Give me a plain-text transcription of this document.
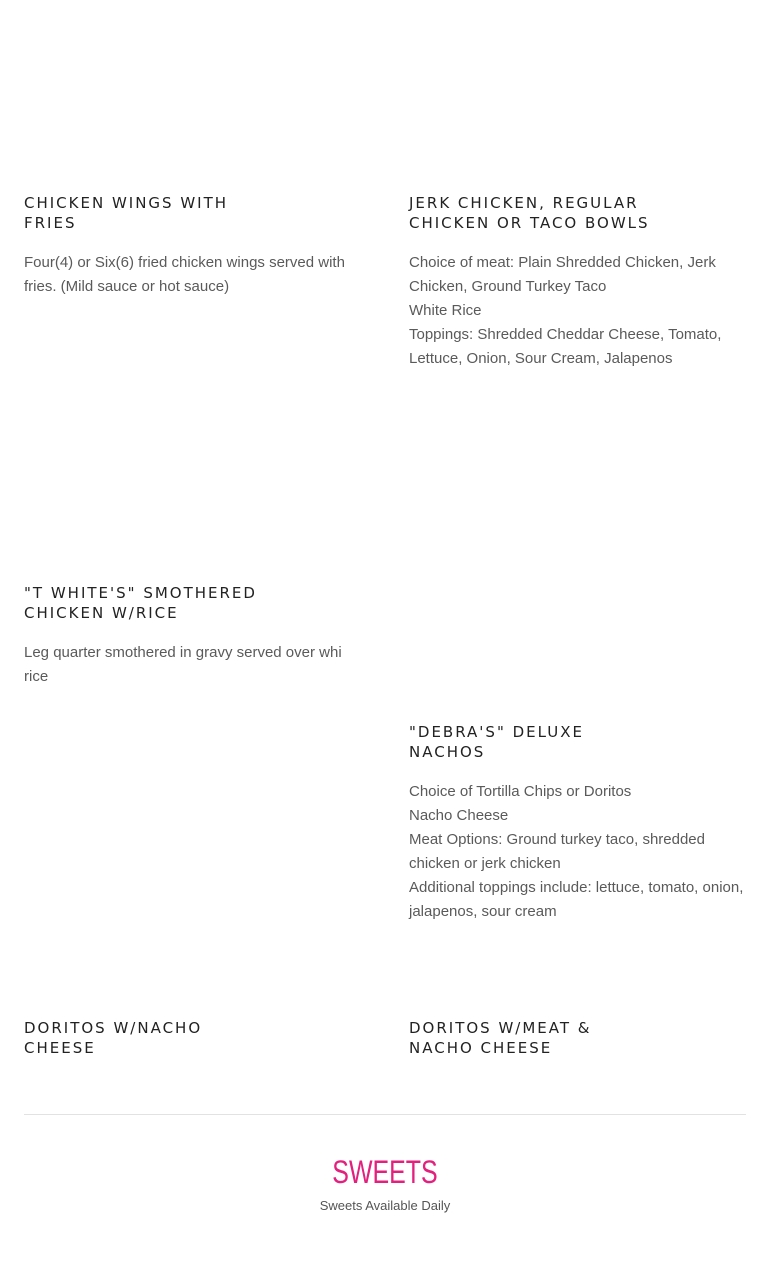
CHICKEN WINGS WITH
FRIES

Four(4) or Six(6) fried chicken wings served with fries. (Mild sauce or hot sauce)

JERK CHICKEN, REGULAR
CHICKEN OR TACO BOWLS

Choice of meat: Plain Shredded Chicken, Jerk Chicken, Ground Turkey Taco
White Rice
Toppings: Shredded Cheddar Cheese, Tomato, Lettuce, Onion, Sour Cream, Jalapenos

"T WHITE'S" SMOTHERED
CHICKEN W/RICE

Leg quarter smothered in gravy served over whi rice

"DEBRA'S" DELUXE
NACHOS

Choice of Tortilla Chips or Doritos
Nacho Cheese
Meat Options: Ground turkey taco, shredded chicken or jerk chicken
Additional toppings include: lettuce, tomato, onion, jalapenos, sour cream

DORITOS W/NACHO
CHEESE
DORITOS W/MEAT &
NACHO CHEESE
SWEETS
Sweets Available Daily
